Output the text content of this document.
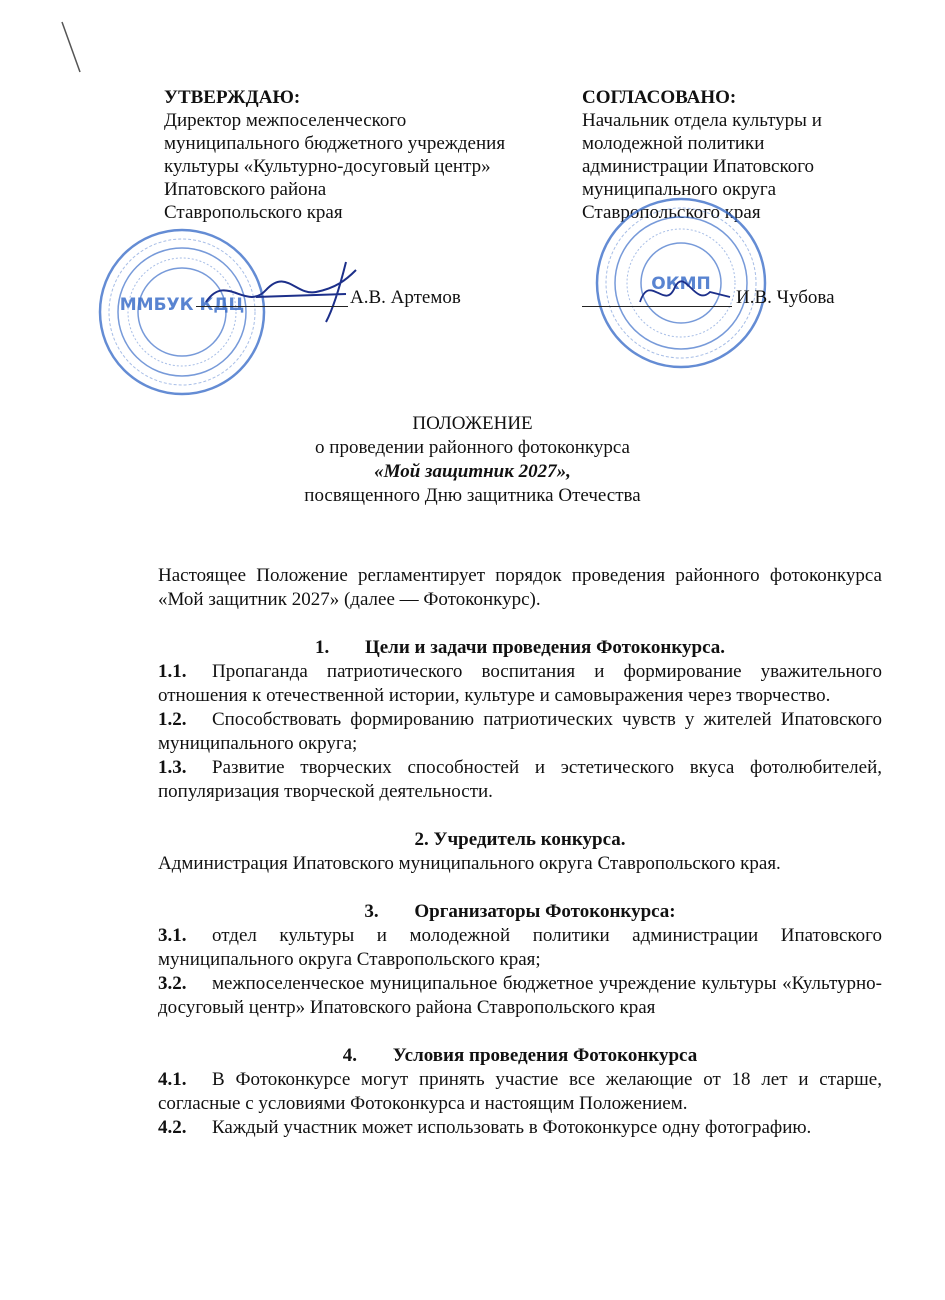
УТВЕРЖДАЮ:
Директор межпоселенческого
муниципального бюджетного учреждения
культуры «Культурно-досуговый центр»
Ипатовского района
Ставропольского края
ММБУК КДЦ	А.В. Артемов
СОГЛАСОВАНО:
Начальник отдела культуры и
молодежной политики
администрации Ипатовского
муниципального округа
Ставропольского края
ОКМП
И.В. Чубова
ПОЛОЖЕНИЕ
о проведении районного фотоконкурса
«Мой защитник 2027»,
посвященного Дню защитника Отечества

Настоящее Положение регламентирует порядок проведения районного фотоконкурса «Мой защитник 2027» (далее — Фотоконкурс).

1. Цели и задачи проведения Фотоконкурса.

1.1. Пропаганда патриотического воспитания и формирование уважительного отношения к отечественной истории, культуре и самовыражения через творчество.

1.2. Способствовать формированию патриотических чувств у жителей Ипатовского муниципального округа;

1.3. Развитие творческих способностей и эстетического вкуса фотолюбителей, популяризация творческой деятельности.

2. Учредитель конкурса.

Администрация Ипатовского муниципального округа Ставропольского края.

3. Организаторы Фотоконкурса:

3.1. отдел культуры и молодежной политики администрации Ипатовского муниципального округа Ставропольского края;

3.2. межпоселенческое муниципальное бюджетное учреждение культуры «Культурно-досуговый центр» Ипатовского района Ставропольского края

4. Условия проведения Фотоконкурса

4.1. В Фотоконкурсе могут принять участие все желающие от 18 лет и старше, согласные с условиями Фотоконкурса и настоящим Положением.

4.2. Каждый участник может использовать в Фотоконкурсе одну фотографию.
